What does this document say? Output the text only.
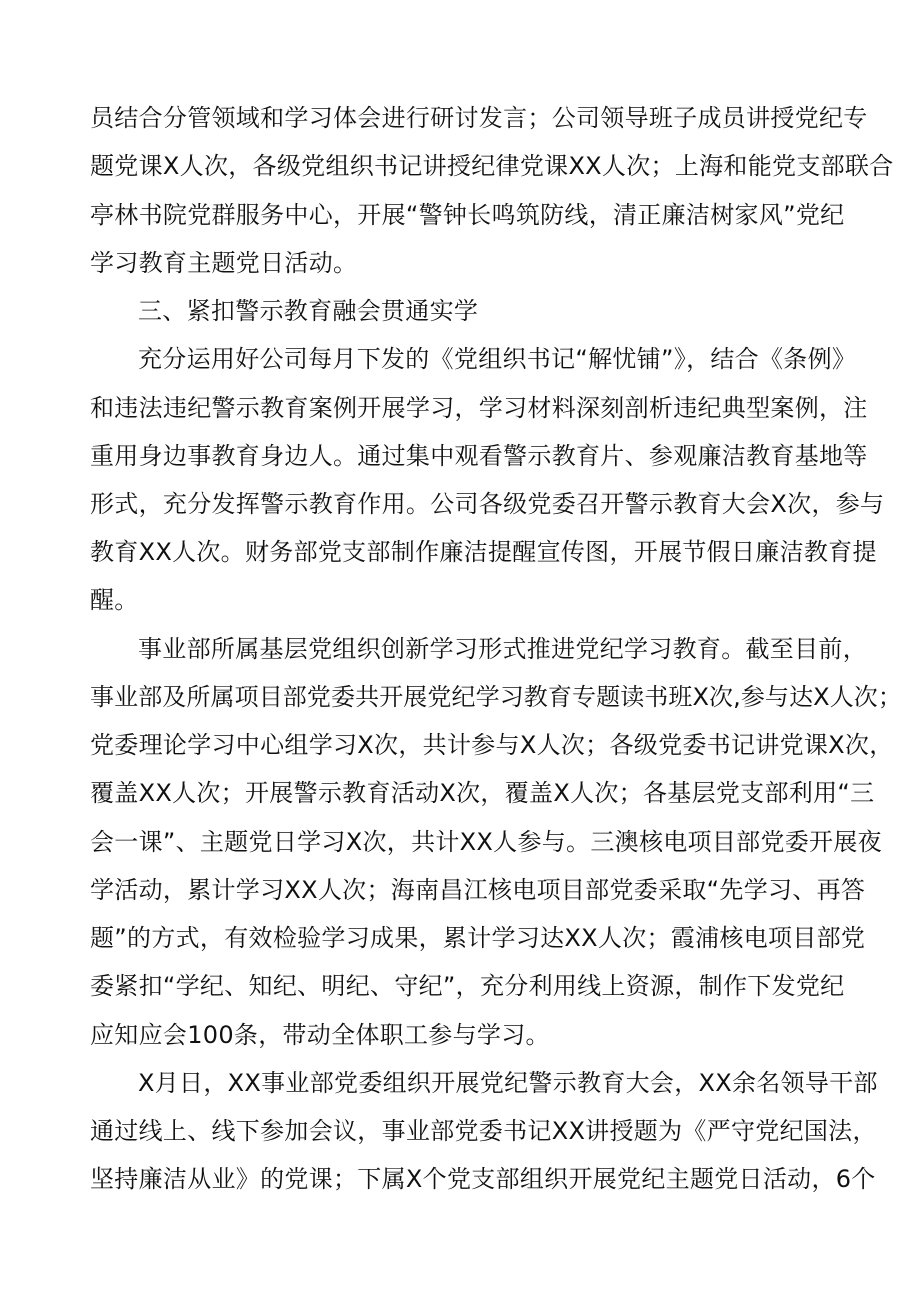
员结合分管领域和学习体会进行研讨发言；公司领导班子成员讲授党纪专
题党课X人次，各级党组织书记讲授纪律党课XX人次；上海和能党支部联合
亭林书院党群服务中心，开展“警钟长鸣筑防线，清正廉洁树家风”党纪
学习教育主题党日活动。
三、紧扣警示教育融会贯通实学
充分运用好公司每月下发的《党组织书记“解忧铺”》，结合《条例》
和违法违纪警示教育案例开展学习，学习材料深刻剖析违纪典型案例，注
重用身边事教育身边人。通过集中观看警示教育片、参观廉洁教育基地等
形式，充分发挥警示教育作用。公司各级党委召开警示教育大会X次，参与
教育XX人次。财务部党支部制作廉洁提醒宣传图，开展节假日廉洁教育提
醒。
事业部所属基层党组织创新学习形式推进党纪学习教育。截至目前，
事业部及所属项目部党委共开展党纪学习教育专题读书班X次,参与达X人次；
党委理论学习中心组学习X次，共计参与X人次；各级党委书记讲党课X次，
覆盖XX人次；开展警示教育活动X次，覆盖X人次；各基层党支部利用“三
会一课”、主题党日学习X次，共计XX人参与。三澳核电项目部党委开展夜
学活动，累计学习XX人次；海南昌江核电项目部党委采取“先学习、再答
题”的方式，有效检验学习成果，累计学习达XX人次；霞浦核电项目部党
委紧扣“学纪、知纪、明纪、守纪”，充分利用线上资源，制作下发党纪
应知应会100条，带动全体职工参与学习。
X月日，XX事业部党委组织开展党纪警示教育大会，XX余名领导干部
通过线上、线下参加会议，事业部党委书记XX讲授题为《严守党纪国法，
坚持廉洁从业》的党课；下属X个党支部组织开展党纪主题党日活动，6个
